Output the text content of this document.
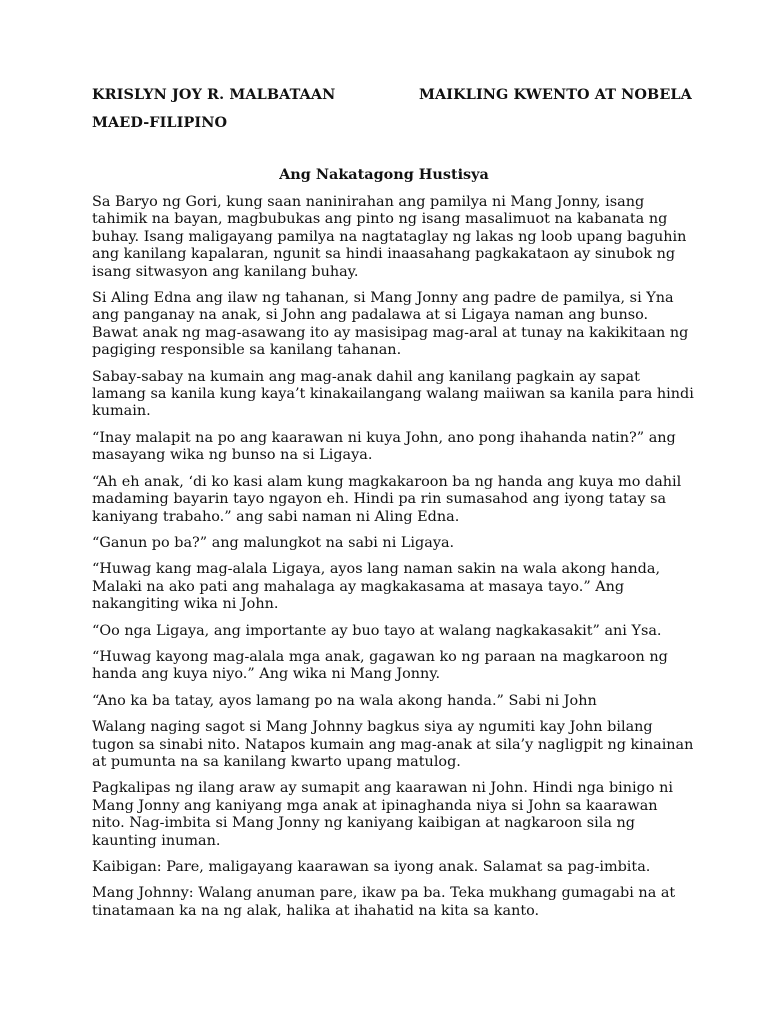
KRISLYN JOY R. MALBATAAN	MAIKLING KWENTO AT NOBELA
MAED-FILIPINO
Ang Nakatagong Hustisya

Sa Baryo ng Gori, kung saan naninirahan ang pamilya ni Mang Jonny, isang
tahimik na bayan, magbubukas ang pinto ng isang masalimuot na kabanata ng
buhay. Isang maligayang pamilya na nagtataglay ng lakas ng loob upang baguhin
ang kanilang kapalaran, ngunit sa hindi inaasahang pagkakataon ay sinubok ng
isang sitwasyon ang kanilang buhay.

Si Aling Edna ang ilaw ng tahanan, si Mang Jonny ang padre de pamilya, si Yna
ang panganay na anak, si John ang padalawa at si Ligaya naman ang bunso.
Bawat anak ng mag-asawang ito ay masisipag mag-aral at tunay na kakikitaan ng
pagiging responsible sa kanilang tahanan.

Sabay-sabay na kumain ang mag-anak dahil ang kanilang pagkain ay sapat
lamang sa kanila kung kaya’t kinakailangang walang maiiwan sa kanila para hindi
kumain.

“Inay malapit na po ang kaarawan ni kuya John, ano pong ihahanda natin?” ang
masayang wika ng bunso na si Ligaya.

“Ah eh anak, ‘di ko kasi alam kung magkakaroon ba ng handa ang kuya mo dahil
madaming bayarin tayo ngayon eh. Hindi pa rin sumasahod ang iyong tatay sa
kaniyang trabaho.” ang sabi naman ni Aling Edna.

“Ganun po ba?” ang malungkot na sabi ni Ligaya.

“Huwag kang mag-alala Ligaya, ayos lang naman sakin na wala akong handa,
Malaki na ako pati ang mahalaga ay magkakasama at masaya tayo.” Ang
nakangiting wika ni John.

“Oo nga Ligaya, ang importante ay buo tayo at walang nagkakasakit” ani Ysa.

“Huwag kayong mag-alala mga anak, gagawan ko ng paraan na magkaroon ng
handa ang kuya niyo.” Ang wika ni Mang Jonny.

“Ano ka ba tatay, ayos lamang po na wala akong handa.” Sabi ni John

Walang naging sagot si Mang Johnny bagkus siya ay ngumiti kay John bilang
tugon sa sinabi nito. Natapos kumain ang mag-anak at sila’y nagligpit ng kinainan
at pumunta na sa kanilang kwarto upang matulog.

Pagkalipas ng ilang araw ay sumapit ang kaarawan ni John. Hindi nga binigo ni
Mang Jonny ang kaniyang mga anak at ipinaghanda niya si John sa kaarawan
nito. Nag-imbita si Mang Jonny ng kaniyang kaibigan at nagkaroon sila ng
kaunting inuman.

Kaibigan: Pare, maligayang kaarawan sa iyong anak. Salamat sa pag-imbita.

Mang Johnny: Walang anuman pare, ikaw pa ba. Teka mukhang gumagabi na at
tinatamaan ka na ng alak, halika at ihahatid na kita sa kanto.
